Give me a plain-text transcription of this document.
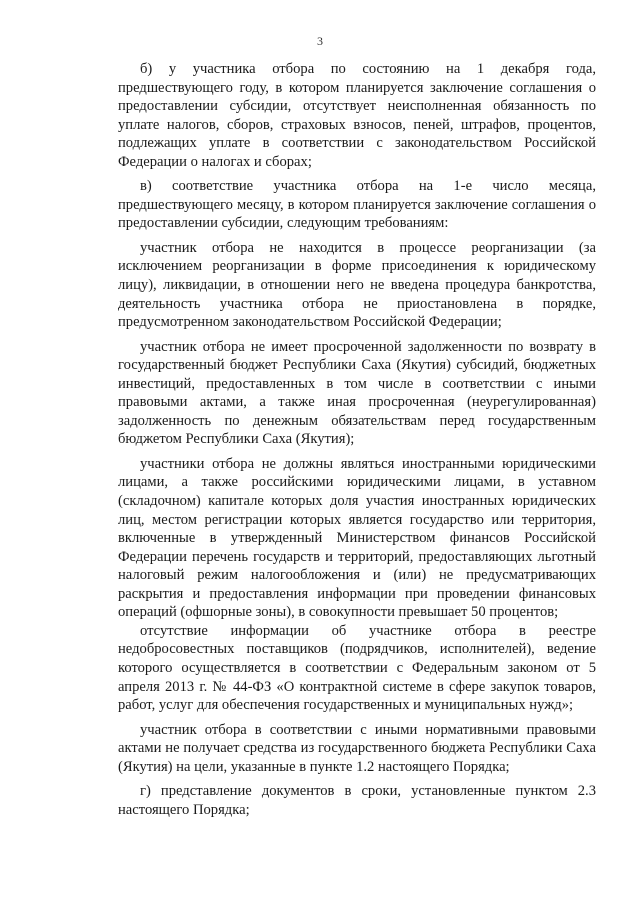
3

б) у участника отбора по состоянию на 1 декабря года, предшествующего году, в котором планируется заключение соглашения о предоставлении субсидии, отсутствует неисполненная обязанность по уплате налогов, сборов, страховых взносов, пеней, штрафов, процентов, подлежащих уплате в соответствии с законодательством Российской Федерации о налогах и сборах;

в) соответствие участника отбора на 1-е число месяца, предшествующего месяцу, в котором планируется заключение соглашения о предоставлении субсидии, следующим требованиям:

участник отбора не находится в процессе реорганизации (за исключением реорганизации в форме присоединения к юридическому лицу), ликвидации, в отношении него не введена процедура банкротства, деятельность участника отбора не приостановлена в порядке, предусмотренном законодательством Российской Федерации;

участник отбора не имеет просроченной задолженности по возврату в государственный бюджет Республики Саха (Якутия) субсидий, бюджетных инвестиций, предоставленных в том числе в соответствии с иными правовыми актами, а также иная просроченная (неурегулированная) задолженность по денежным обязательствам перед государственным бюджетом Республики Саха (Якутия);

участники отбора не должны являться иностранными юридическими лицами, а также российскими юридическими лицами, в уставном (складочном) капитале которых доля участия иностранных юридических лиц, местом регистрации которых является государство или территория, включенные в утвержденный Министерством финансов Российской Федерации перечень государств и территорий, предоставляющих льготный налоговый режим налогообложения и (или) не предусматривающих раскрытия и предоставления информации при проведении финансовых операций (офшорные зоны), в совокупности превышает 50 процентов;

отсутствие информации об участнике отбора в реестре недобросовестных поставщиков (подрядчиков, исполнителей), ведение которого осуществляется в соответствии с Федеральным законом от 5 апреля 2013 г. № 44-ФЗ «О контрактной системе в сфере закупок товаров, работ, услуг для обеспечения государственных и муниципальных нужд»;

участник отбора в соответствии с иными нормативными правовыми актами не получает средства из государственного бюджета Республики Саха (Якутия) на цели, указанные в пункте 1.2 настоящего Порядка;

г) представление документов в сроки, установленные пунктом 2.3 настоящего Порядка;
